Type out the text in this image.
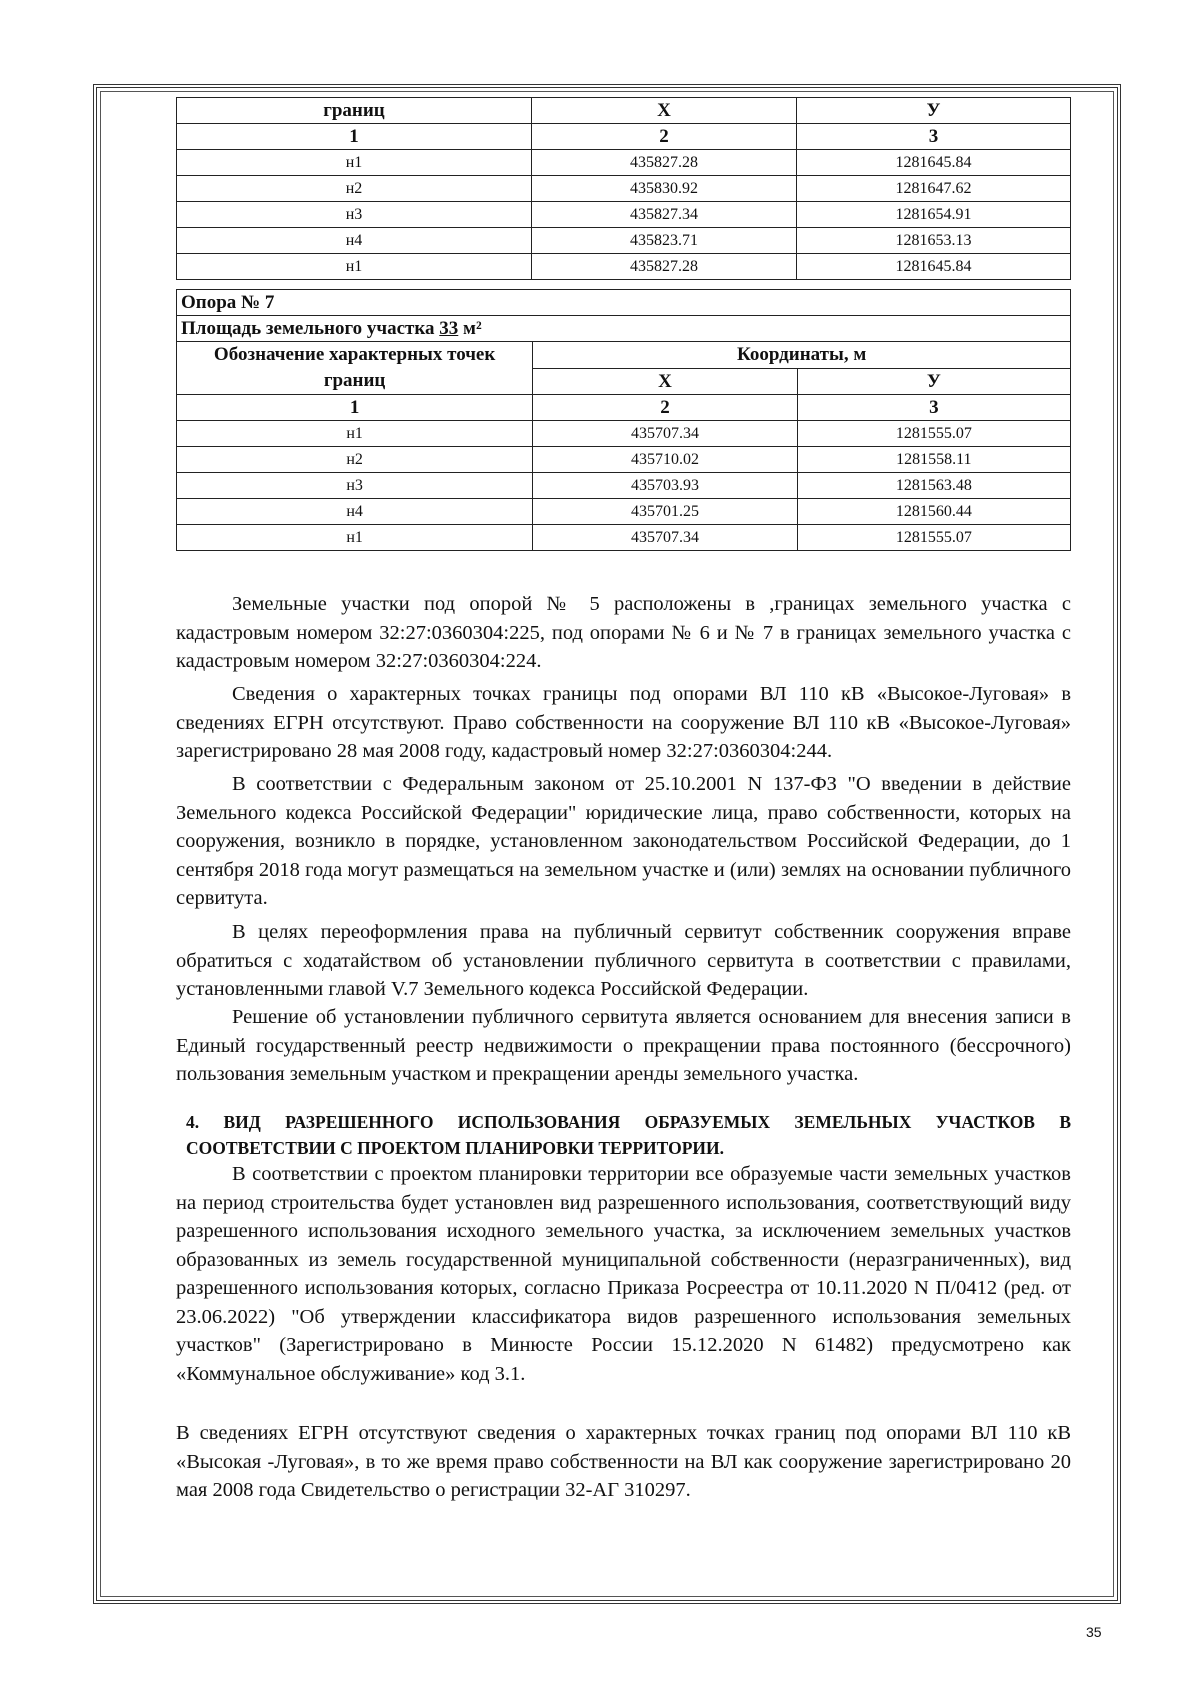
границ	Х	У
1	2	3
н1	435827.28	1281645.84
н2	435830.92	1281647.62
н3	435827.34	1281654.91
н4	435823.71	1281653.13
н1	435827.28	1281645.84
Опора № 7		
Площадь земельного участка 33 м²		
Обозначение характерных точек границ	Координаты, м	
	Х	У
1	2	3
н1	435707.34	1281555.07
н2	435710.02	1281558.11
н3	435703.93	1281563.48
н4	435701.25	1281560.44
н1	435707.34	1281555.07
Земельные участки под опорой № 5 расположены в ,границах земельного участка с кадастровым номером 32:27:0360304:225, под опорами № 6 и № 7 в границах земельного участка с кадастровым номером 32:27:0360304:224.
Сведения о характерных точках границы под опорами ВЛ 110 кВ «Высокое-Луговая» в сведениях ЕГРН отсутствуют. Право собственности на сооружение ВЛ 110 кВ «Высокое-Луговая» зарегистрировано 28 мая 2008 году, кадастровый номер 32:27:0360304:244.
В соответствии с Федеральным законом от 25.10.2001 N 137-ФЗ "О введении в действие Земельного кодекса Российской Федерации" юридические лица, право собственности, которых на сооружения, возникло в порядке, установленном законодательством Российской Федерации, до 1 сентября 2018 года могут размещаться на земельном участке и (или) землях на основании публичного сервитута.
В целях переоформления права на публичный сервитут собственник сооружения вправе обратиться с ходатайством об установлении публичного сервитута в соответствии с правилами, установленными главой V.7 Земельного кодекса Российской Федерации.
Решение об установлении публичного сервитута является основанием для внесения записи в Единый государственный реестр недвижимости о прекращении права постоянного (бессрочного) пользования земельным участком и прекращении аренды земельного участка.
4. ВИД РАЗРЕШЕННОГО ИСПОЛЬЗОВАНИЯ ОБРАЗУЕМЫХ ЗЕМЕЛЬНЫХ УЧАСТКОВ В СООТВЕТСТВИИ С ПРОЕКТОМ ПЛАНИРОВКИ ТЕРРИТОРИИ.
В соответствии с проектом планировки территории все образуемые части земельных участков на период строительства будет установлен вид разрешенного использования, соответствующий виду разрешенного использования исходного земельного участка, за исключением земельных участков образованных из земель государственной муниципальной собственности (неразграниченных), вид разрешенного использования которых, согласно Приказа Росреестра от 10.11.2020 N П/0412 (ред. от 23.06.2022) "Об утверждении классификатора видов разрешенного использования земельных участков" (Зарегистрировано в Минюсте России 15.12.2020 N 61482) предусмотрено как «Коммунальное обслуживание» код 3.1.
В сведениях ЕГРН отсутствуют сведения о характерных точках границ под опорами ВЛ 110 кВ «Высокая -Луговая», в то же время право собственности на ВЛ как сооружение зарегистрировано 20 мая 2008 года Свидетельство о регистрации 32-АГ 310297.
35
